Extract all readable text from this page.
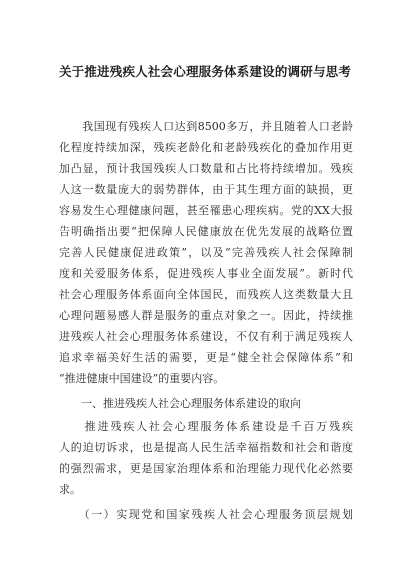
关于推进残疾人社会心理服务体系建设的调研与思考
　　我国现有残疾人口达到8500多万，并且随着人口老龄
化程度持续加深，残疾老龄化和老龄残疾化的叠加作用更
加凸显，预计我国残疾人口数量和占比将持续增加。残疾
人这一数量庞大的弱势群体，由于其生理方面的缺损，更
容易发生心理健康问题，甚至罹患心理疾病。党的XX大报
告明确指出要“把保障人民健康放在优先发展的战略位置
完善人民健康促进政策”，以及“完善残疾人社会保障制
度和关爱服务体系，促进残疾人事业全面发展”。新时代
社会心理服务体系面向全体国民，而残疾人这类数量大且
心理问题易感人群是服务的重点对象之一。因此，持续推
进残疾人社会心理服务体系建设，不仅有利于满足残疾人
追求幸福美好生活的需要，更是“健全社会保障体系”和
“推进健康中国建设”的重要内容。
　　一、推进残疾人社会心理服务体系建设的取向
　　推进残疾人社会心理服务体系建设是千百万残疾
人的迫切诉求，也是提高人民生活幸福指数和社会和谐度
的强烈需求，更是国家治理体系和治理能力现代化必然要
求。
　　（一）实现党和国家残疾人社会心理服务顶层规划
